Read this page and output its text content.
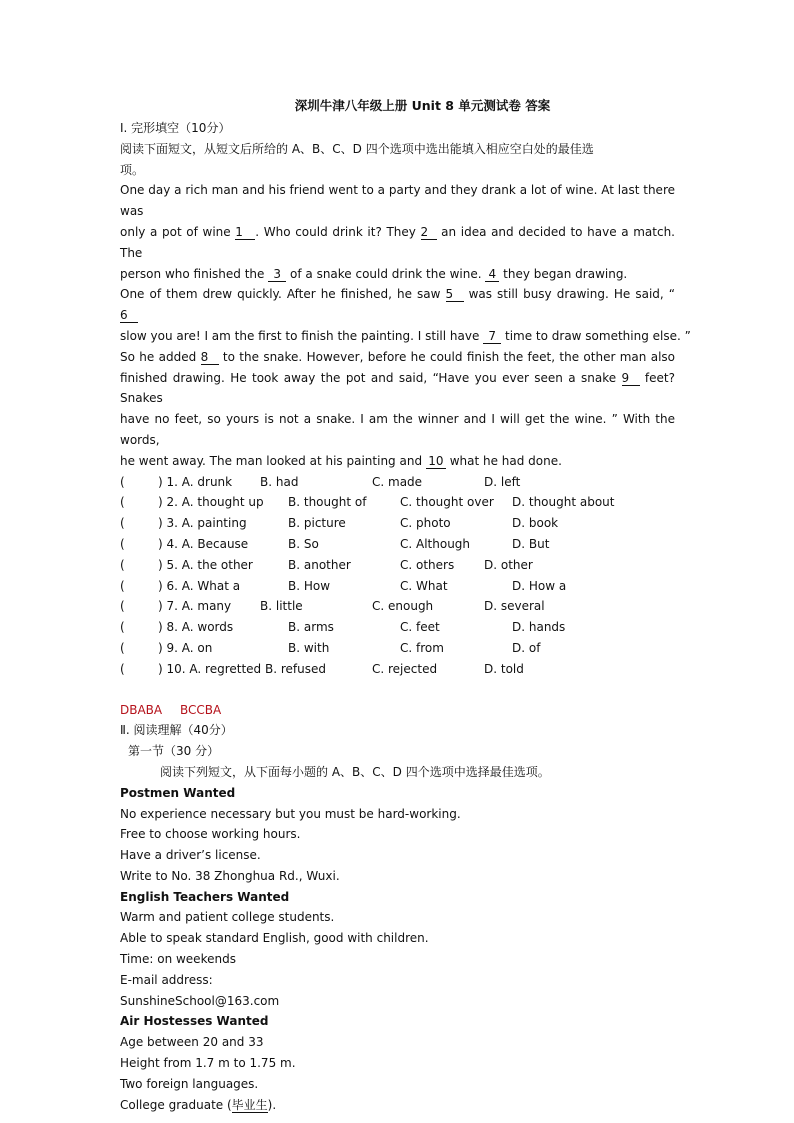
深圳牛津八年级上册 Unit 8 单元测试卷 答案
Ⅰ. 完形填空（10分）
阅读下面短文，从短文后所给的 A、B、C、D 四个选项中选出能填入相应空白处的最佳选
项。
One day a rich man and his friend went to a party and they drank a lot of wine. At last there was
only a pot of wine 1 . Who could drink it? They 2 an idea and decided to have a match. The
person who finished the 3 of a snake could drink the wine. 4 they began drawing.
One of them drew quickly. After he finished, he saw 5 was still busy drawing. He said, “ 6
slow you are! I am the first to finish the painting. I still have 7 time to draw something else. ”
So he added 8 to the snake. However, before he could finish the feet, the other man also
finished drawing. He took away the pot and said, “Have you ever seen a snake 9 feet? Snakes
have no feet, so yours is not a snake. I am the winner and I will get the wine. ” With the words,
he went away. The man looked at his painting and 10 what he had done.
(	) 1. A. drunk B. had	C. made	D. left
(	) 2. A. thought up B. thought of	C. thought over D. thought about
(	) 3. A. painting	B. picture	C. photo	D. book
(	) 4. A. Because	B. So	C. Although	D. But
(	) 5. A. the other	B. another	C. others D. other
(	) 6. A. What a	B. How	C. What	D. How a
(	) 7. A. many B. little	C. enough	D. several
(	) 8. A. words	B. arms	C. feet	D. hands
(	) 9. A. on	B. with	C. from	D. of
(	) 10. A. regretted B. refused	C. rejected	D. told
DBABA BCCBA
Ⅱ. 阅读理解（40分）
第一节（30 分）
阅读下列短文，从下面每小题的 A、B、C、D 四个选项中选择最佳选项。
Postmen Wanted
No experience necessary but you must be hard-working.
Free to choose working hours.
Have a driver’s license.
Write to No. 38 Zhonghua Rd., Wuxi.
English Teachers Wanted
Warm and patient college students.
Able to speak standard English, good with children.
Time: on weekends
E-mail address:
SunshineSchool@163.com
Air Hostesses Wanted
Age between 20 and 33
Height from 1.7 m to 1.75 m.
Two foreign languages.
College graduate (毕业生).
